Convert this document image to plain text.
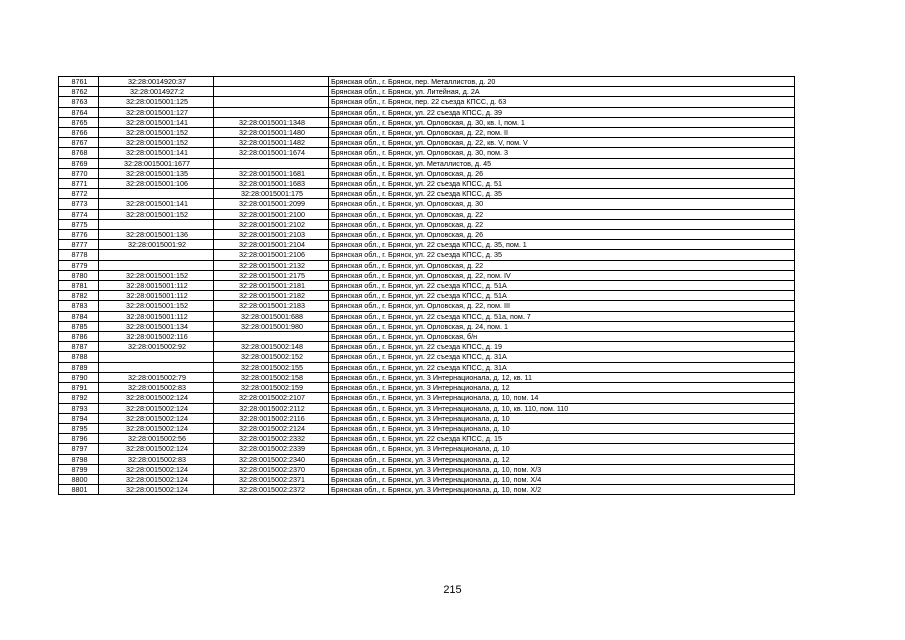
8761	32:28:0014920:37		Брянская обл., г. Брянск, пер. Металлистов, д. 20
8762	32:28:0014927:2		Брянская обл., г. Брянск, ул. Литейная, д. 2А
8763	32:28:0015001:125		Брянская обл., г. Брянск, пер. 22 съезда КПСС, д. 63
8764	32:28:0015001:127		Брянская обл., г. Брянск, ул. 22 съезда КПСС, д. 39
8765	32:28:0015001:141	32:28:0015001:1348	Брянская обл., г. Брянск, ул. Орловская, д. 30, кв. I, пом. 1
8766	32:28:0015001:152	32:28:0015001:1480	Брянская обл., г. Брянск, ул. Орловская, д. 22, пом. II
8767	32:28:0015001:152	32:28:0015001:1482	Брянская обл., г. Брянск, ул. Орловская, д. 22, кв. V, пом. V
8768	32:28:0015001:141	32:28:0015001:1674	Брянская обл., г. Брянск, ул. Орловская, д. 30, пом. 3
8769	32:28:0015001:1677		Брянская обл., г. Брянск, ул. Металлистов, д. 45
8770	32:28:0015001:135	32:28:0015001:1681	Брянская обл., г. Брянск, ул. Орловская, д. 26
8771	32:28:0015001:106	32:28:0015001:1683	Брянская обл., г. Брянск, ул. 22 съезда КПСС, д. 51
8772		32:28:0015001:175	Брянская обл., г. Брянск, ул. 22 съезда КПСС, д. 35
8773	32:28:0015001:141	32:28:0015001:2099	Брянская обл., г. Брянск, ул. Орловская, д. 30
8774	32:28:0015001:152	32:28:0015001:2100	Брянская обл., г. Брянск, ул. Орловская, д. 22
8775		32:28:0015001:2102	Брянская обл., г. Брянск, ул. Орловская, д. 22
8776	32:28:0015001:136	32:28:0015001:2103	Брянская обл., г. Брянск, ул. Орловская, д. 26
8777	32:28:0015001:92	32:28:0015001:2104	Брянская обл., г. Брянск, ул. 22 съезда КПСС, д. 35, пом. 1
8778		32:28:0015001:2106	Брянская обл., г. Брянск, ул. 22 съезда КПСС, д. 35
8779		32:28:0015001:2132	Брянская обл., г. Брянск, ул. Орловская, д. 22
8780	32:28:0015001:152	32:28:0015001:2175	Брянская обл., г. Брянск, ул. Орловская, д. 22, пом. IV
8781	32:28:0015001:112	32:28:0015001:2181	Брянская обл., г. Брянск, ул. 22 съезда КПСС, д. 51А
8782	32:28:0015001:112	32:28:0015001:2182	Брянская обл., г. Брянск, ул. 22 съезда КПСС, д. 51А
8783	32:28:0015001:152	32:28:0015001:2183	Брянская обл., г. Брянск, ул. Орловская, д. 22, пом. III
8784	32:28:0015001:112	32:28:0015001:688	Брянская обл., г. Брянск, ул. 22 съезда КПСС, д. 51а, пом. 7
8785	32:28:0015001:134	32:28:0015001:980	Брянская обл., г. Брянск, ул. Орловская, д. 24, пом. 1
8786	32:28:0015002:116		Брянская обл., г. Брянск, ул. Орловская, б/н
8787	32:28:0015002:92	32:28:0015002:148	Брянская обл., г. Брянск, ул. 22 съезда КПСС, д. 19
8788		32:28:0015002:152	Брянская обл., г. Брянск, ул. 22 съезда КПСС, д. 31А
8789		32:28:0015002:155	Брянская обл., г. Брянск, ул. 22 съезда КПСС, д. 31А
8790	32:28:0015002:79	32:28:0015002:158	Брянская обл., г. Брянск, ул. 3 Интернационала, д. 12, кв. 11
8791	32:28:0015002:83	32:28:0015002:159	Брянская обл., г. Брянск, ул. 3 Интернационала, д. 12
8792	32:28:0015002:124	32:28:0015002:2107	Брянская обл., г. Брянск, ул. 3 Интернационала, д. 10, пом. 14
8793	32:28:0015002:124	32:28:0015002:2112	Брянская обл., г. Брянск, ул. 3 Интернационала, д. 10, кв. 110, пом. 110
8794	32:28:0015002:124	32:28:0015002:2116	Брянская обл., г. Брянск, ул. 3 Интернационала, д. 10
8795	32:28:0015002:124	32:28:0015002:2124	Брянская обл., г. Брянск, ул. 3 Интернационала, д. 10
8796	32:28:0015002:56	32:28:0015002:2332	Брянская обл., г. Брянск, ул. 22 съезда КПСС, д. 15
8797	32:28:0015002:124	32:28:0015002:2339	Брянская обл., г. Брянск, ул. 3 Интернационала, д. 10
8798	32:28:0015002:83	32:28:0015002:2340	Брянская обл., г. Брянск, ул. 3 Интернационала, д. 12
8799	32:28:0015002:124	32:28:0015002:2370	Брянская обл., г. Брянск, ул. 3 Интернационала, д. 10, пом. Х/3
8800	32:28:0015002:124	32:28:0015002:2371	Брянская обл., г. Брянск, ул. 3 Интернационала, д. 10, пом. Х/4
8801	32:28:0015002:124	32:28:0015002:2372	Брянская обл., г. Брянск, ул. 3 Интернационала, д. 10, пом. Х/2
215
